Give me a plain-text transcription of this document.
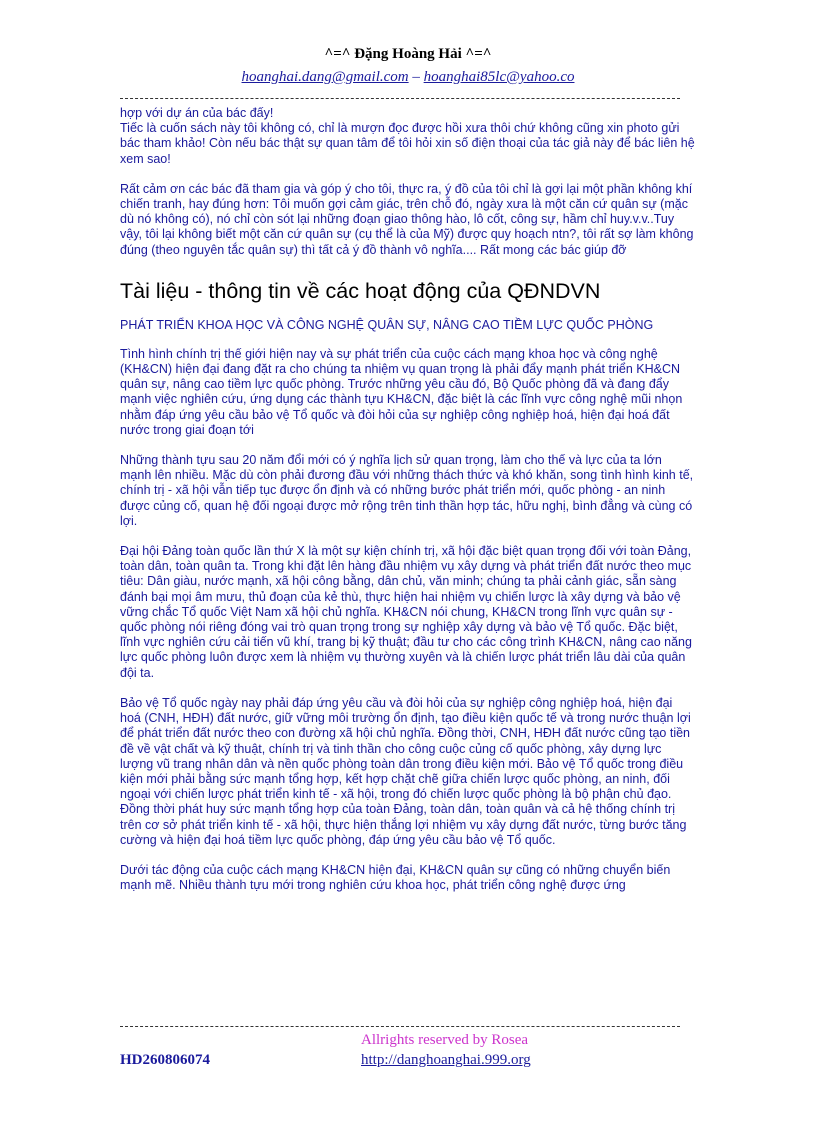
^=^ Đặng Hoàng Hải ^=^
hoanghai.dang@gmail.com – hoanghai85lc@yahoo.co

hợp với dự án của bác đấy!

Tiếc là cuốn sách này tôi không có, chỉ là mượn đọc được hồi xưa thôi chứ không cũng xin photo gửi bác tham khảo! Còn nếu bác thật sự quan tâm để tôi hỏi xin số điện thoại của tác giả này để bác liên hệ xem sao!

Rất cảm ơn các bác đã tham gia và góp ý cho tôi, thực ra, ý đồ của tôi chỉ là gợi lại một phần không khí chiến tranh, hay đúng hơn: Tôi muốn gợi cảm giác, trên chỗ đó, ngày xưa là một căn cứ quân sự (mặc dù nó không có), nó chỉ còn sót lại những đoạn giao thông hào, lô cốt, công sự, hầm chỉ huy.v.v..Tuy vậy, tôi lại không biết một căn cứ quân sự (cụ thể là của Mỹ) được quy hoạch ntn?, tôi rất sợ làm không đúng (theo nguyên tắc quân sự) thì tất cả ý đồ thành vô nghĩa.... Rất mong các bác giúp đỡ

Tài liệu - thông tin về các hoạt động của QĐNDVN

PHÁT TRIỂN KHOA HỌC VÀ CÔNG NGHỆ QUÂN SỰ, NÂNG CAO TIỀM LỰC QUỐC PHÒNG

Tình hình chính trị thế giới hiện nay và sự phát triển của cuộc cách mạng khoa học và công nghệ (KH&CN) hiện đại đang đặt ra cho chúng ta nhiệm vụ quan trọng là phải đẩy mạnh phát triển KH&CN quân sự, nâng cao tiềm lực quốc phòng. Trước những yêu cầu đó, Bộ Quốc phòng đã và đang đẩy mạnh việc nghiên cứu, ứng dụng các thành tựu KH&CN, đặc biệt là các lĩnh vực công nghệ mũi nhọn nhằm đáp ứng yêu cầu bảo vệ Tổ quốc và đòi hỏi của sự nghiệp công nghiệp hoá, hiện đại hoá đất nước trong giai đoạn tới

Những thành tựu sau 20 năm đổi mới có ý nghĩa lịch sử quan trọng, làm cho thế và lực của ta lớn mạnh lên nhiều. Mặc dù còn phải đương đầu với những thách thức và khó khăn, song tình hình kinh tế, chính trị - xã hội vẫn tiếp tục được ổn định và có những bước phát triển mới, quốc phòng - an ninh được củng cố, quan hệ đối ngoại được mở rộng trên tinh thần hợp tác, hữu nghị, bình đẳng và cùng có lợi.

Đại hội Đảng toàn quốc lần thứ X là một sự kiện chính trị, xã hội đặc biệt quan trọng đối với toàn Đảng, toàn dân, toàn quân ta. Trong khi đặt lên hàng đầu nhiệm vụ xây dựng và phát triển đất nước theo mục tiêu: Dân giàu, nước mạnh, xã hội công bằng, dân chủ, văn minh; chúng ta phải cảnh giác, sẵn sàng đánh bại mọi âm mưu, thủ đoạn của kẻ thù, thực hiện hai nhiệm vụ chiến lược là xây dựng và bảo vệ vững chắc Tổ quốc Việt Nam xã hội chủ nghĩa. KH&CN nói chung, KH&CN trong lĩnh vực quân sự - quốc phòng nói riêng đóng vai trò quan trọng trong sự nghiệp xây dựng và bảo vệ Tổ quốc. Đặc biệt, lĩnh vực nghiên cứu cải tiến vũ khí, trang bị kỹ thuật; đầu tư cho các công trình KH&CN, nâng cao năng lực quốc phòng luôn được xem là nhiệm vụ thường xuyên và là chiến lược phát triển lâu dài của quân đội ta.

Bảo vệ Tổ quốc ngày nay phải đáp ứng yêu cầu và đòi hỏi của sự nghiệp công nghiệp hoá, hiện đại hoá (CNH, HĐH) đất nước, giữ vững môi trường ổn định, tạo điều kiện quốc tế và trong nước thuận lợi để phát triển đất nước theo con đường xã hội chủ nghĩa. Đồng thời, CNH, HĐH đất nước cũng tạo tiền đề về vật chất và kỹ thuật, chính trị và tinh thần cho công cuộc củng cố quốc phòng, xây dựng lực lượng vũ trang nhân dân và nền quốc phòng toàn dân trong điều kiện mới. Bảo vệ Tổ quốc trong điều kiện mới phải bằng sức mạnh tổng hợp, kết hợp chặt chẽ giữa chiến lược quốc phòng, an ninh, đối ngoại với chiến lược phát triển kinh tế - xã hội, trong đó chiến lược quốc phòng là bộ phận chủ đạo. Đồng thời phát huy sức mạnh tổng hợp của toàn Đảng, toàn dân, toàn quân và cả hệ thống chính trị trên cơ sở phát triển kinh tế - xã hội, thực hiện thắng lợi nhiệm vụ xây dựng đất nước, từng bước tăng cường và hiện đại hoá tiềm lực quốc phòng, đáp ứng yêu cầu bảo vệ Tổ quốc.

Dưới tác động của cuộc cách mạng KH&CN hiện đại, KH&CN quân sự cũng có những chuyển biến mạnh mẽ. Nhiều thành tựu mới trong nghiên cứu khoa học, phát triển công nghệ được ứng

Allrights reserved by Rosea
HD260806074	http://danghoanghai.999.org
